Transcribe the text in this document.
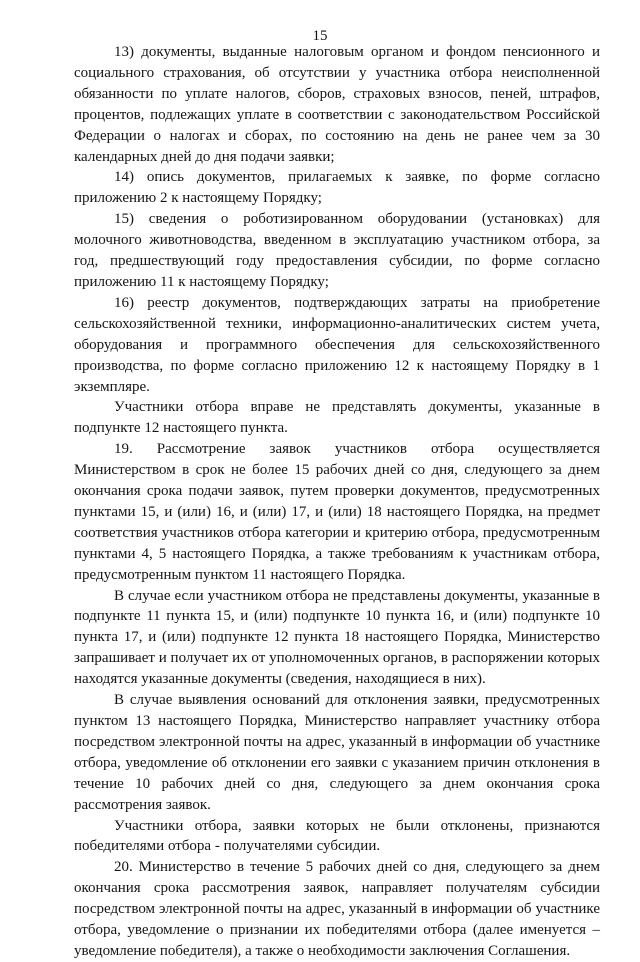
15

13) документы, выданные налоговым органом и фондом пенсионного и социального страхования, об отсутствии у участника отбора неисполненной обязанности по уплате налогов, сборов, страховых взносов, пеней, штрафов, процентов, подлежащих уплате в соответствии с законодательством Российской Федерации о налогах и сборах, по состоянию на день не ранее чем за 30 календарных дней до дня подачи заявки;

14) опись документов, прилагаемых к заявке, по форме согласно приложению 2 к настоящему Порядку;

15) сведения о роботизированном оборудовании (установках) для молочного животноводства, введенном в эксплуатацию участником отбора, за год, предшествующий году предоставления субсидии, по форме согласно приложению 11 к настоящему Порядку;

16) реестр документов, подтверждающих затраты на приобретение сельскохозяйственной техники, информационно-аналитических систем учета, оборудования и программного обеспечения для сельскохозяйственного производства, по форме согласно приложению 12 к настоящему Порядку в 1 экземпляре.

Участники отбора вправе не представлять документы, указанные в подпункте 12 настоящего пункта.

19. Рассмотрение заявок участников отбора осуществляется Министерством в срок не более 15 рабочих дней со дня, следующего за днем окончания срока подачи заявок, путем проверки документов, предусмотренных пунктами 15, и (или) 16, и (или) 17, и (или) 18 настоящего Порядка, на предмет соответствия участников отбора категории и критерию отбора, предусмотренным пунктами 4, 5 настоящего Порядка, а также требованиям к участникам отбора, предусмотренным пунктом 11 настоящего Порядка.

В случае если участником отбора не представлены документы, указанные в подпункте 11 пункта 15, и (или) подпункте 10 пункта 16, и (или) подпункте 10 пункта 17, и (или) подпункте 12 пункта 18 настоящего Порядка, Министерство запрашивает и получает их от уполномоченных органов, в распоряжении которых находятся указанные документы (сведения, находящиеся в них).

В случае выявления оснований для отклонения заявки, предусмотренных пунктом 13 настоящего Порядка, Министерство направляет участнику отбора посредством электронной почты на адрес, указанный в информации об участнике отбора, уведомление об отклонении его заявки с указанием причин отклонения в течение 10 рабочих дней со дня, следующего за днем окончания срока рассмотрения заявок.

Участники отбора, заявки которых не были отклонены, признаются победителями отбора - получателями субсидии.

20. Министерство в течение 5 рабочих дней со дня, следующего за днем окончания срока рассмотрения заявок, направляет получателям субсидии посредством электронной почты на адрес, указанный в информации об участнике отбора, уведомление о признании их победителями отбора (далее именуется – уведомление победителя), а также о необходимости заключения Соглашения.
